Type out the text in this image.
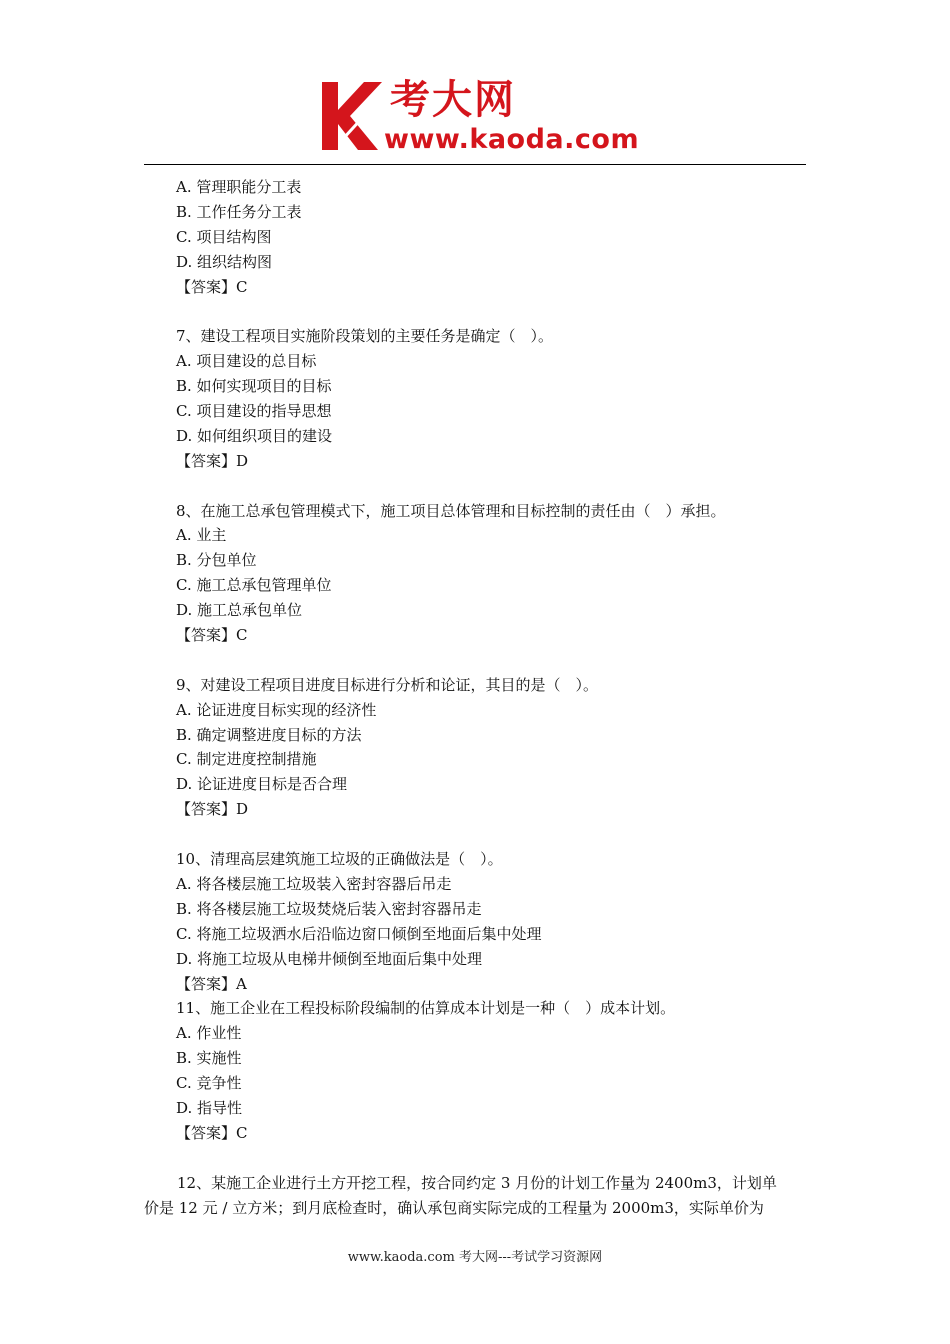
考大网
www.kaoda.com
A. 管理职能分工表
B. 工作任务分工表
C. 项目结构图
D. 组织结构图
【答案】C
7、建设工程项目实施阶段策划的主要任务是确定（　）。
A. 项目建设的总目标
B. 如何实现项目的目标
C. 项目建设的指导思想
D. 如何组织项目的建设
【答案】D
8、在施工总承包管理模式下，施工项目总体管理和目标控制的责任由（　）承担。
A. 业主
B. 分包单位
C. 施工总承包管理单位
D. 施工总承包单位
【答案】C
9、对建设工程项目进度目标进行分析和论证，其目的是（　）。
A. 论证进度目标实现的经济性
B. 确定调整进度目标的方法
C. 制定进度控制措施
D. 论证进度目标是否合理
【答案】D
10、清理高层建筑施工垃圾的正确做法是（　）。
A. 将各楼层施工垃圾装入密封容器后吊走
B. 将各楼层施工垃圾焚烧后装入密封容器吊走
C. 将施工垃圾洒水后沿临边窗口倾倒至地面后集中处理
D. 将施工垃圾从电梯井倾倒至地面后集中处理
【答案】A
11、施工企业在工程投标阶段编制的估算成本计划是一种（　）成本计划。
A. 作业性
B. 实施性
C. 竞争性
D. 指导性
【答案】C
12、某施工企业进行土方开挖工程，按合同约定 3 月份的计划工作量为 2400m3，计划单
价是 12 元 / 立方米；到月底检查时，确认承包商实际完成的工程量为 2000m3，实际单价为
www.kaoda.com 考大网---考试学习资源网
